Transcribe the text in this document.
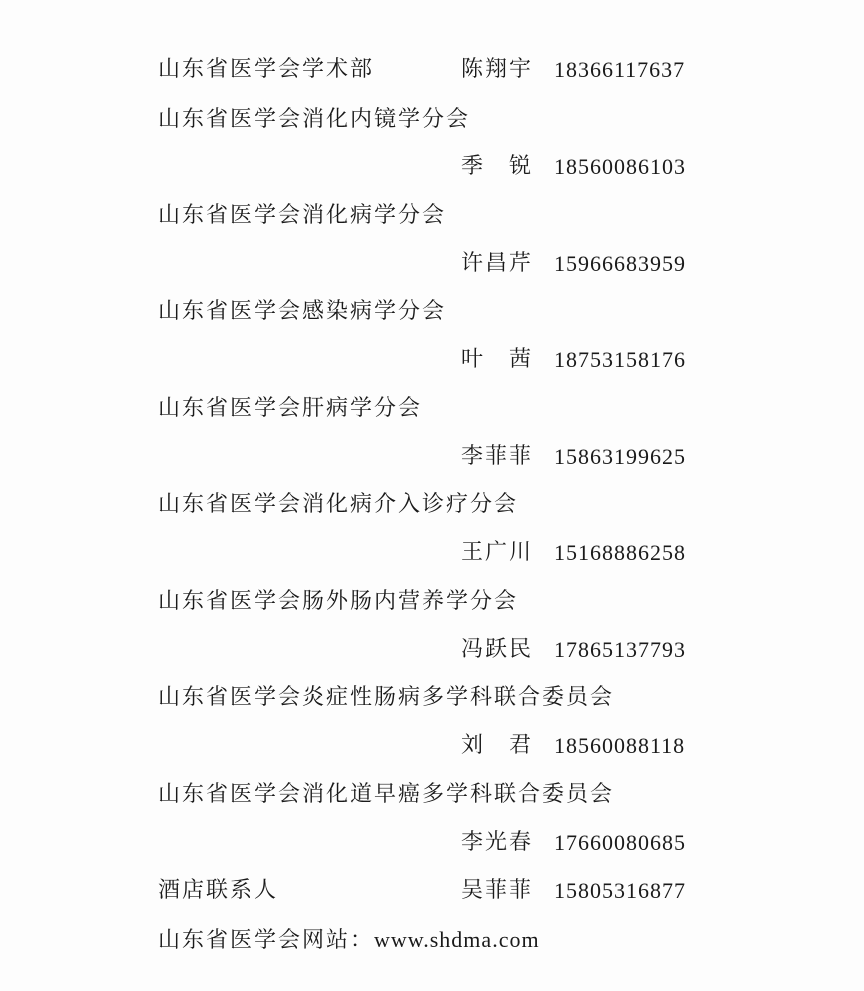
山东省医学会学术部	陈翔宇 18366117637
山东省医学会消化内镜学分会
季　锐 18560086103
山东省医学会消化病学分会
许昌芹 15966683959
山东省医学会感染病学分会
叶　茜 18753158176
山东省医学会肝病学分会
李菲菲 15863199625
山东省医学会消化病介入诊疗分会
王广川 15168886258
山东省医学会肠外肠内营养学分会
冯跃民 17865137793
山东省医学会炎症性肠病多学科联合委员会
刘　君 18560088118
山东省医学会消化道早癌多学科联合委员会
李光春 17660080685
酒店联系人	吴菲菲 15805316877
山东省医学会网站：www.shdma.com
